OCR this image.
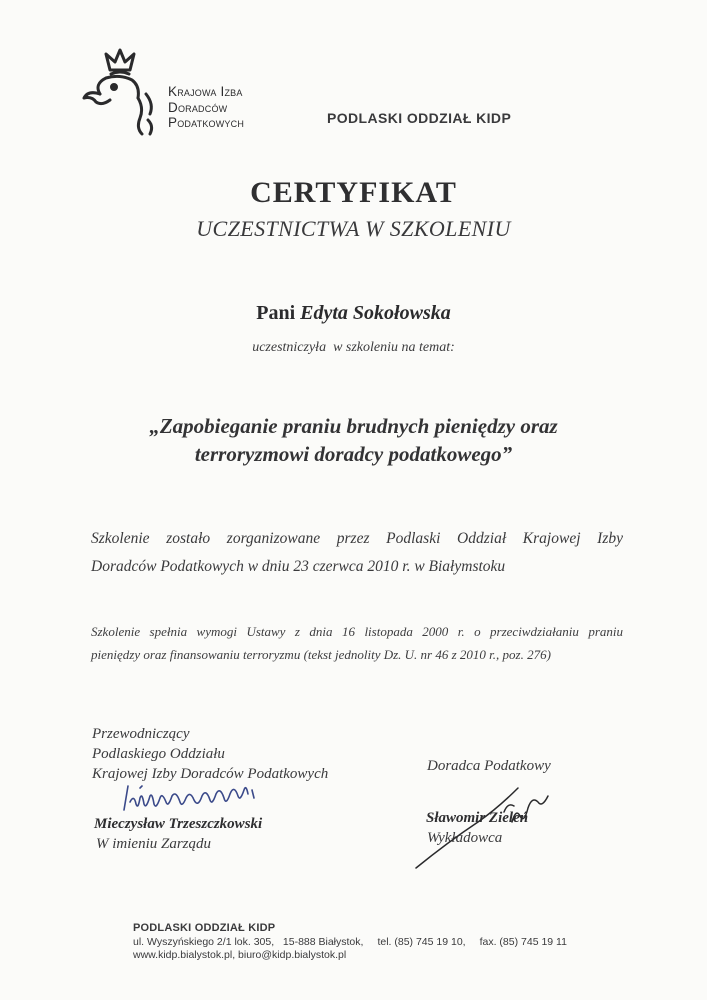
Krajowa Izba
Doradców
Podatkowych	PODLASKI ODDZIAŁ KIDP
CERTYFIKAT
UCZESTNICTWA W SZKOLENIU
Pani Edyta Sokołowska
uczestniczyła  w szkoleniu na temat:
„Zapobieganie praniu brudnych pieniędzy oraz
terroryzmowi doradcy podatkowego”
Szkolenie zostało zorganizowane przez Podlaski Oddział Krajowej Izby
Doradców Podatkowych w dniu 23 czerwca 2010 r. w Białymstoku
Szkolenie spełnia wymogi Ustawy z dnia 16 listopada 2000 r. o przeciwdziałaniu praniu
pieniędzy oraz finansowaniu terroryzmu (tekst jednolity Dz. U. nr 46 z 2010 r., poz. 276)
Przewodniczący
Podlaskiego Oddziału
Krajowej Izby Doradców Podatkowych
Mieczysław Trzeszczkowski
W imieniu Zarządu
Doradca Podatkowy
Sławomir Zieleń
Wykładowca
PODLASKI ODDZIAŁ KIDP
ul. Wyszyńskiego 2/1 lok. 305,   15-888 Białystok, tel. (85) 745 19 10, fax. (85) 745 19 11
www.kidp.bialystok.pl, biuro@kidp.bialystok.pl
